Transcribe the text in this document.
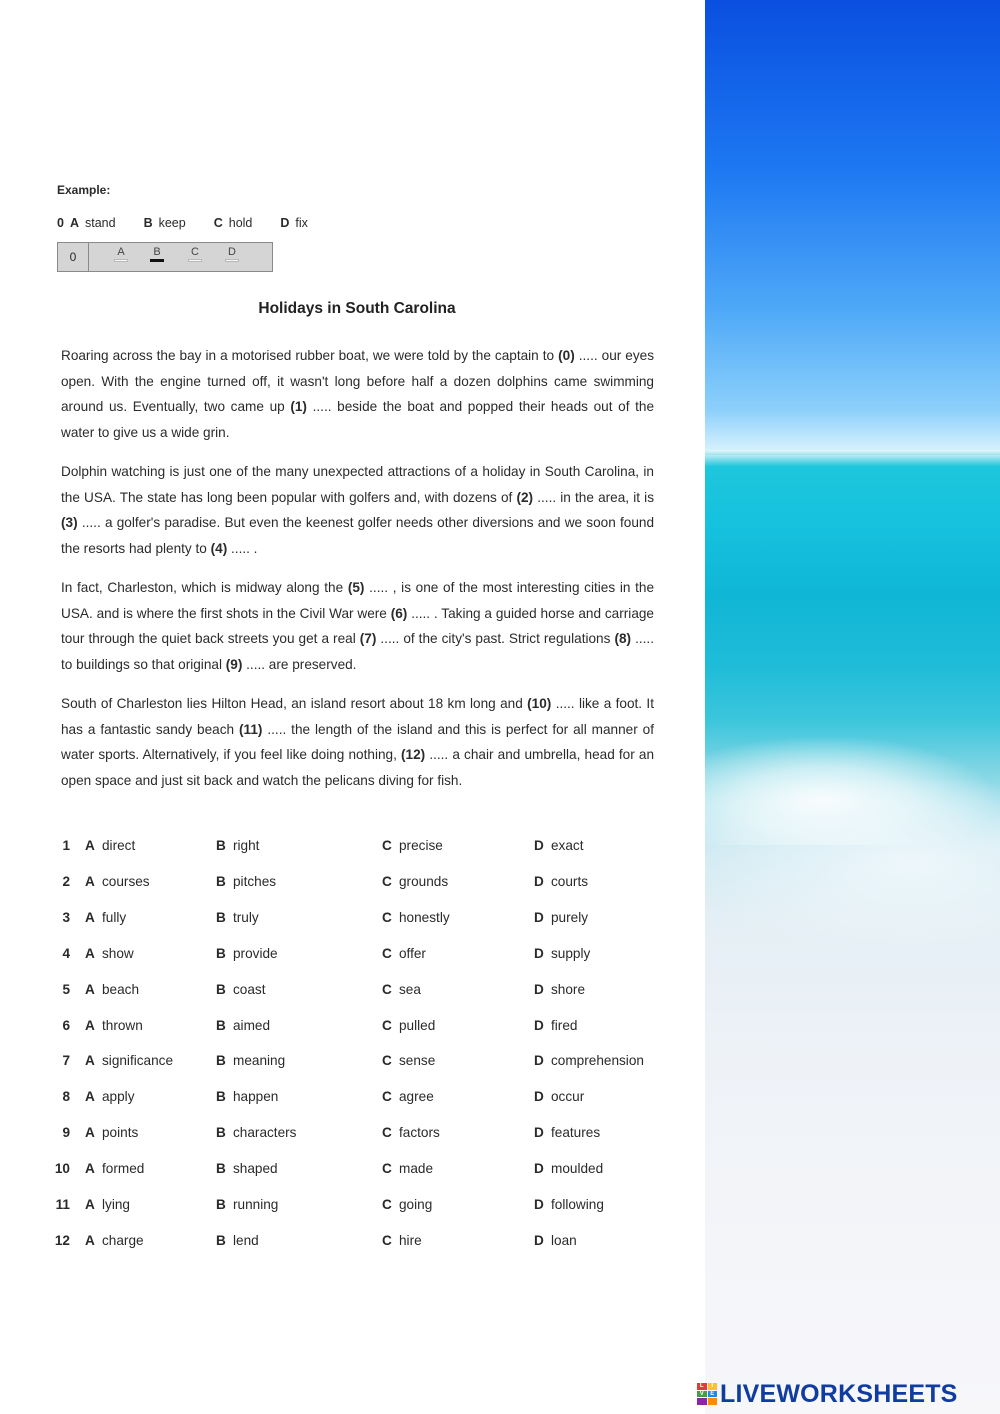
Example:
0 A stand B keep C hold D fix
0	A	B	C	D
Holidays in South Carolina

Roaring across the bay in a motorised rubber boat, we were told by the captain to (0) ..... our eyes open. With the engine turned off, it wasn't long before half a dozen dolphins came swimming around us. Eventually, two came up (1) ..... beside the boat and popped their heads out of the water to give us a wide grin.

Dolphin watching is just one of the many unexpected attractions of a holiday in South Carolina, in the USA. The state has long been popular with golfers and, with dozens of (2) ..... in the area, it is (3) ..... a golfer's paradise. But even the keenest golfer needs other diversions and we soon found the resorts had plenty to (4) ..... .

In fact, Charleston, which is midway along the (5) ..... , is one of the most interesting cities in the USA. and is where the first shots in the Civil War were (6) ..... . Taking a guided horse and carriage tour through the quiet back streets you get a real (7) ..... of the city's past. Strict regulations (8) ..... to buildings so that original (9) ..... are preserved.

South of Charleston lies Hilton Head, an island resort about 18 km long and (10) ..... like a foot. It has a fantastic sandy beach (11) ..... the length of the island and this is perfect for all manner of water sports. Alternatively, if you feel like doing nothing, (12) ..... a chair and umbrella, head for an open space and just sit back and watch the pelicans diving for fish.

1 A direct	B right	C precise	D exact
2 A courses	B pitches	C grounds	D courts
3 A fully	B truly	C honestly	D purely
4 A show	B provide	C offer	D supply
5 A beach	B coast	C sea	D shore
6 A thrown	B aimed	C pulled	D fired
7 A significance	B meaning	C sense	D comprehension
8 A apply	B happen	C agree	D occur
9 A points	B characters	C factors	D features
10 A formed	B shaped	C made	D moulded
11 A lying	B running	C going	D following
12 A charge	B lend	C hire	D loan
L	I
V	E LIVEWORKSHEETS
